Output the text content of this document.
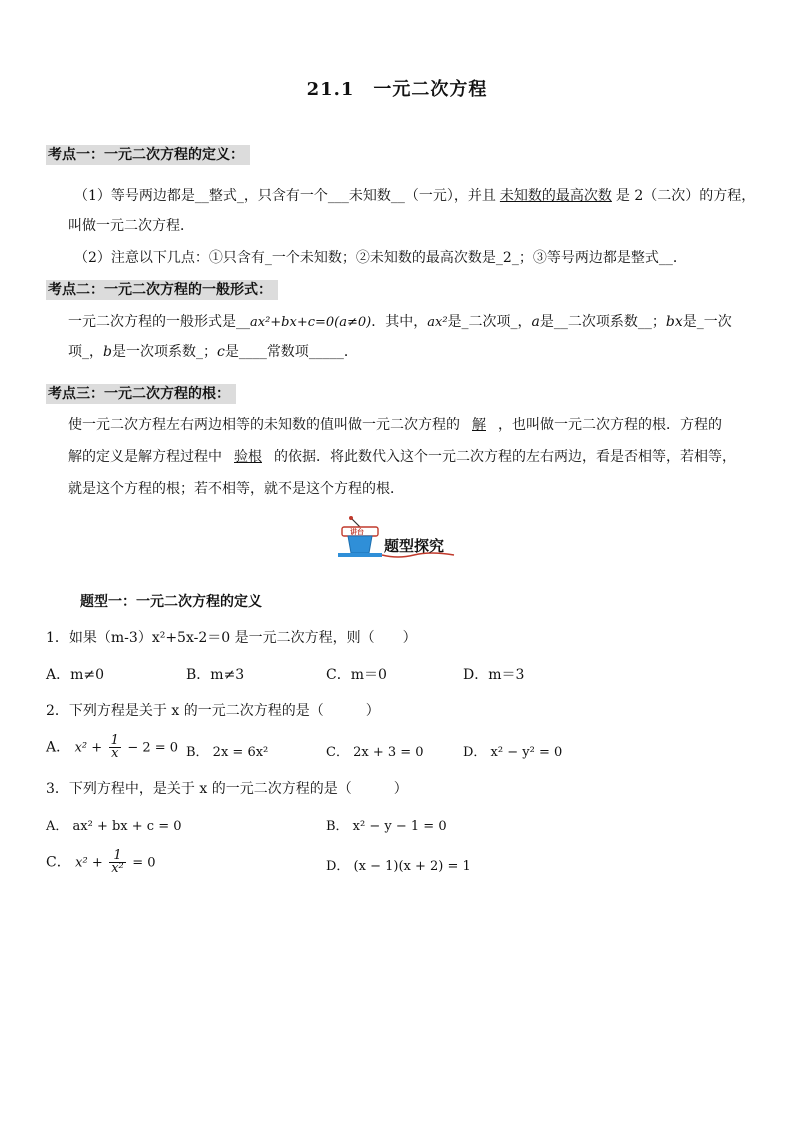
21.1　一元二次方程
考点一：一元二次方程的定义：
（1）等号两边都是__整式_，只含有一个___未知数__（一元），并且 未知数的最高次数 是 2（二次）的方程，
叫做一元二次方程．
（2）注意以下几点：①只含有_一个未知数；②未知数的最高次数是_2_；③等号两边都是整式__．
考点二：一元二次方程的一般形式：
一元二次方程的一般形式是__ax²+bx+c=0(a≠0)．其中，ax²是_二次项_，a是__二次项系数__；bx是_一次
项_，b是一次项系数_；c是____常数项_____．
考点三：一元二次方程的根：
使一元二次方程左右两边相等的未知数的值叫做一元二次方程的 解 ，也叫做一元二次方程的根．方程的
解的定义是解方程过程中 验根 的依据．将此数代入这个一元二次方程的左右两边，看是否相等，若相等，
就是这个方程的根；若不相等，就不是这个方程的根．
讲台
题型探究
题型一：一元二次方程的定义
1．如果（m-3）x²+5x-2＝0 是一元二次方程，则（　　）
A．m≠0	B．m≠3	C．m＝0	D．m＝3
2．下列方程是关于 x 的一元二次方程的是（　　　）
A． $x^2 + \frac{1}{x} - 2 = 0$ B． 2x = 6x²	C． 2x + 3 = 0	D． x² − y² = 0
3．下列方程中，是关于 x 的一元二次方程的是（　　　）
A． ax² + bx + c = 0	B． x² − y − 1 = 0
C． $x^2 + \frac{1}{\text{x²}} = 0$	D． (x − 1)(x + 2) = 1
